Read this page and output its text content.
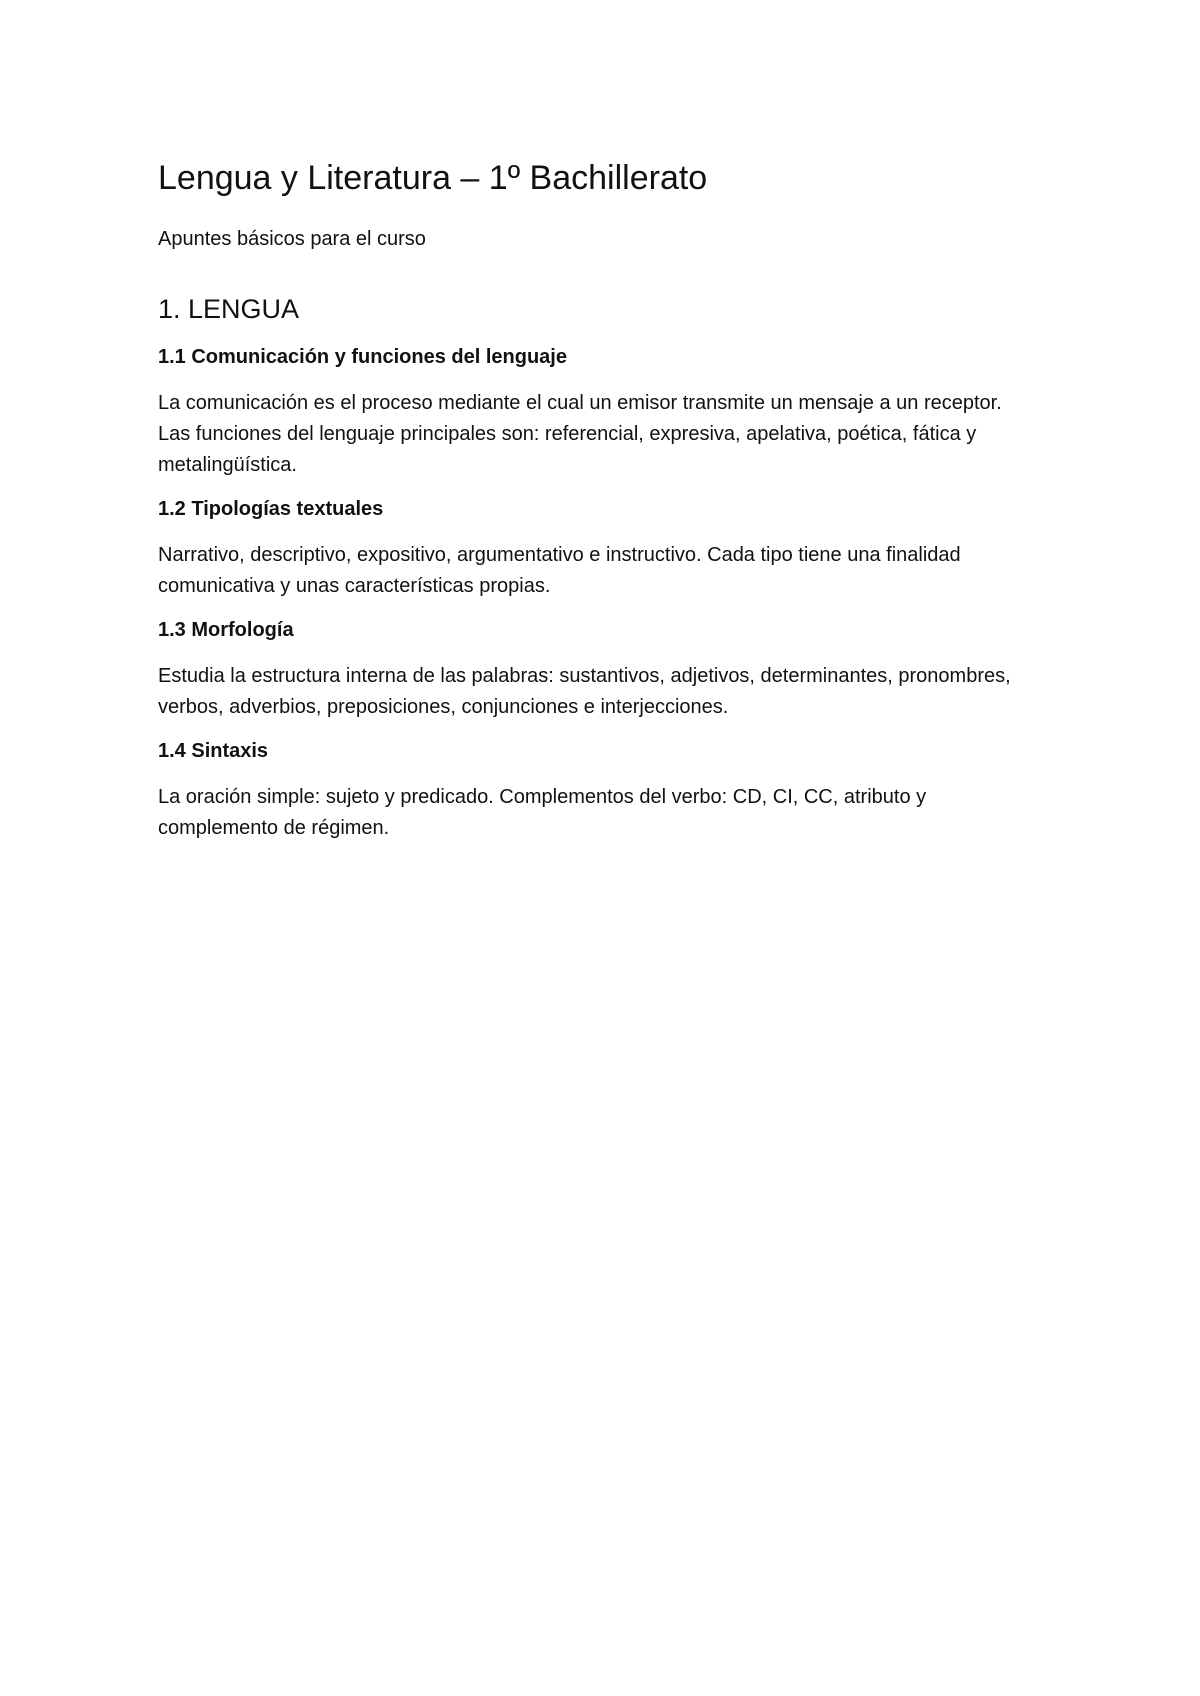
Lengua y Literatura – 1º Bachillerato

Apuntes básicos para el curso

1. LENGUA
1.1 Comunicación y funciones del lenguaje

La comunicación es el proceso mediante el cual un emisor transmite un mensaje a un receptor. Las funciones del lenguaje principales son: referencial, expresiva, apelativa, poética, fática y metalingüística.

1.2 Tipologías textuales

Narrativo, descriptivo, expositivo, argumentativo e instructivo. Cada tipo tiene una finalidad comunicativa y unas características propias.

1.3 Morfología

Estudia la estructura interna de las palabras: sustantivos, adjetivos, determinantes, pronombres, verbos, adverbios, preposiciones, conjunciones e interjecciones.

1.4 Sintaxis

La oración simple: sujeto y predicado. Complementos del verbo: CD, CI, CC, atributo y complemento de régimen.
